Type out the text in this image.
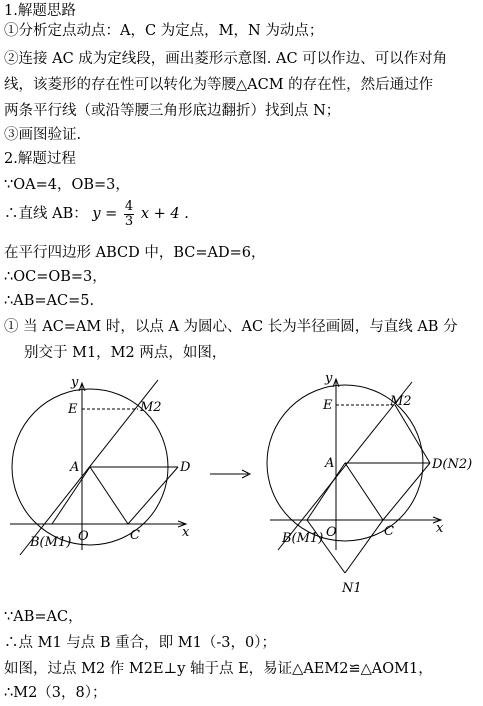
1.解题思路
①分析定点动点：A，C 为定点，M，N 为动点；
②连接 AC 成为定线段，画出菱形示意图. AC 可以作边、可以作对角
线，该菱形的存在性可以转化为等腰△ACM 的存在性，然后通过作
两条平行线（或沿等腰三角形底边翻折）找到点 N；
③画图验证.
2.解题过程
∵OA=4，OB=3，
∴直线 AB： $y = \frac{4}{3}$ x + 4 .
在平行四边形 ABCD 中，BC=AD=6，
∴OC=OB=3，
∴AB=AC=5.
① 当 AC=AM 时，以点 A 为圆心、AC 长为半径画圆，与直线 AB 分
别交于 M1，M2 两点，如图，
y
E	M2
A	D
B(M1) O	C	x
y
E	M2
A	D(N2)
B(M1) O	C	x
N1
∵AB=AC，
∴点 M1 与点 B 重合，即 M1（-3，0）；
如图，过点 M2 作 M2E⊥y 轴于点 E，易证△AEM2≌△AOM1，
∴M2（3，8）；
